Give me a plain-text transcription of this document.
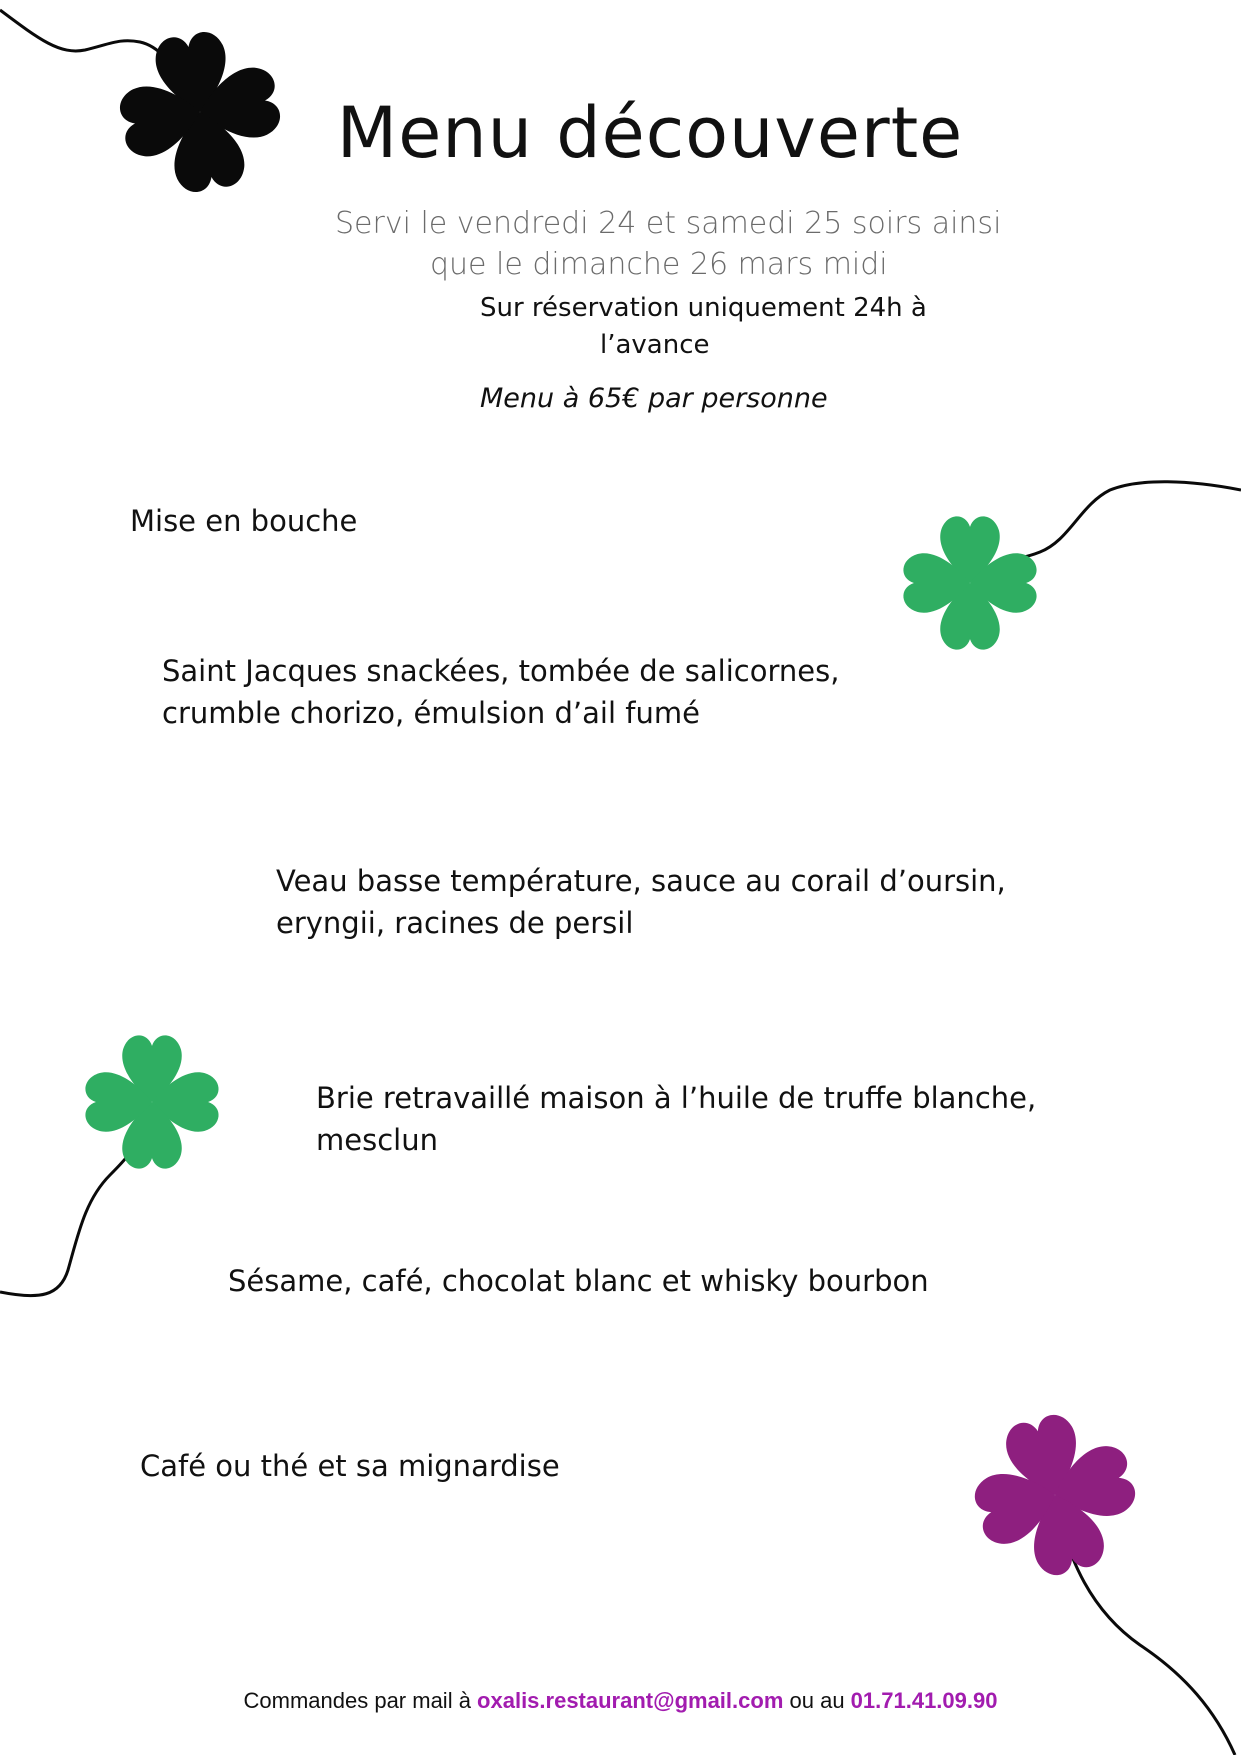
Menu découverte
Servi le vendredi 24 et samedi 25 soirs ainsi
que le dimanche 26 mars midi
Sur réservation uniquement 24h à
l’avance
Menu à 65€ par personne
Mise en bouche
Saint Jacques snackées, tombée de salicornes,
crumble chorizo, émulsion d’ail fumé
Veau basse température, sauce au corail d’oursin,
eryngii, racines de persil
Brie retravaillé maison à l’huile de truffe blanche,
mesclun
Sésame, café, chocolat blanc et whisky bourbon
Café ou thé et sa mignardise
Commandes par mail à oxalis.restaurant@gmail.com ou au 01.71.41.09.90
